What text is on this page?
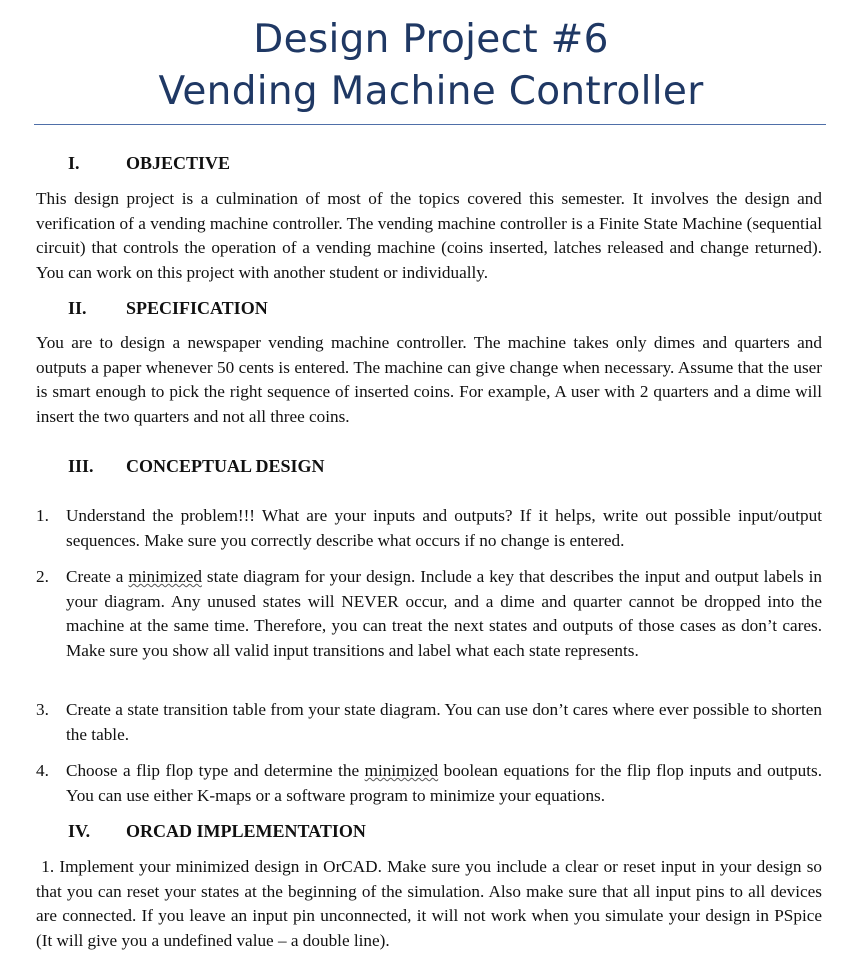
Design Project #6
Vending Machine Controller
I.	OBJECTIVE
This design project is a culmination of most of the topics covered this semester. It involves the design and verification of a vending machine controller. The vending machine controller is a Finite State Machine (sequential circuit) that controls the operation of a vending machine (coins inserted, latches released and change returned). You can work on this project with another student or individually.
II. SPECIFICATION
You are to design a newspaper vending machine controller. The machine takes only dimes and quarters and outputs a paper whenever 50 cents is entered. The machine can give change when necessary. Assume that the user is smart enough to pick the right sequence of inserted coins. For example, A user with 2 quarters and a dime will insert the two quarters and not all three coins.
III. CONCEPTUAL DESIGN
1. Understand the problem!!! What are your inputs and outputs? If it helps, write out possible input/output sequences. Make sure you correctly describe what occurs if no change is entered.
2. Create a minimized state diagram for your design. Include a key that describes the input and output labels in your diagram. Any unused states will NEVER occur, and a dime and quarter cannot be dropped into the machine at the same time. Therefore, you can treat the next states and outputs of those cases as don’t cares. Make sure you show all valid input transitions and label what each state represents.
3. Create a state transition table from your state diagram. You can use don’t cares where ever possible to shorten the table.
4. Choose a flip flop type and determine the minimized boolean equations for the flip flop inputs and outputs. You can use either K-maps or a software program to minimize your equations.
IV. ORCAD IMPLEMENTATION
1. Implement your minimized design in OrCAD. Make sure you include a clear or reset input in your design so that you can reset your states at the beginning of the simulation. Also make sure that all input pins to all devices are connected. If you leave an input pin unconnected, it will not work when you simulate your design in PSpice (It will give you a undefined value – a double line).
